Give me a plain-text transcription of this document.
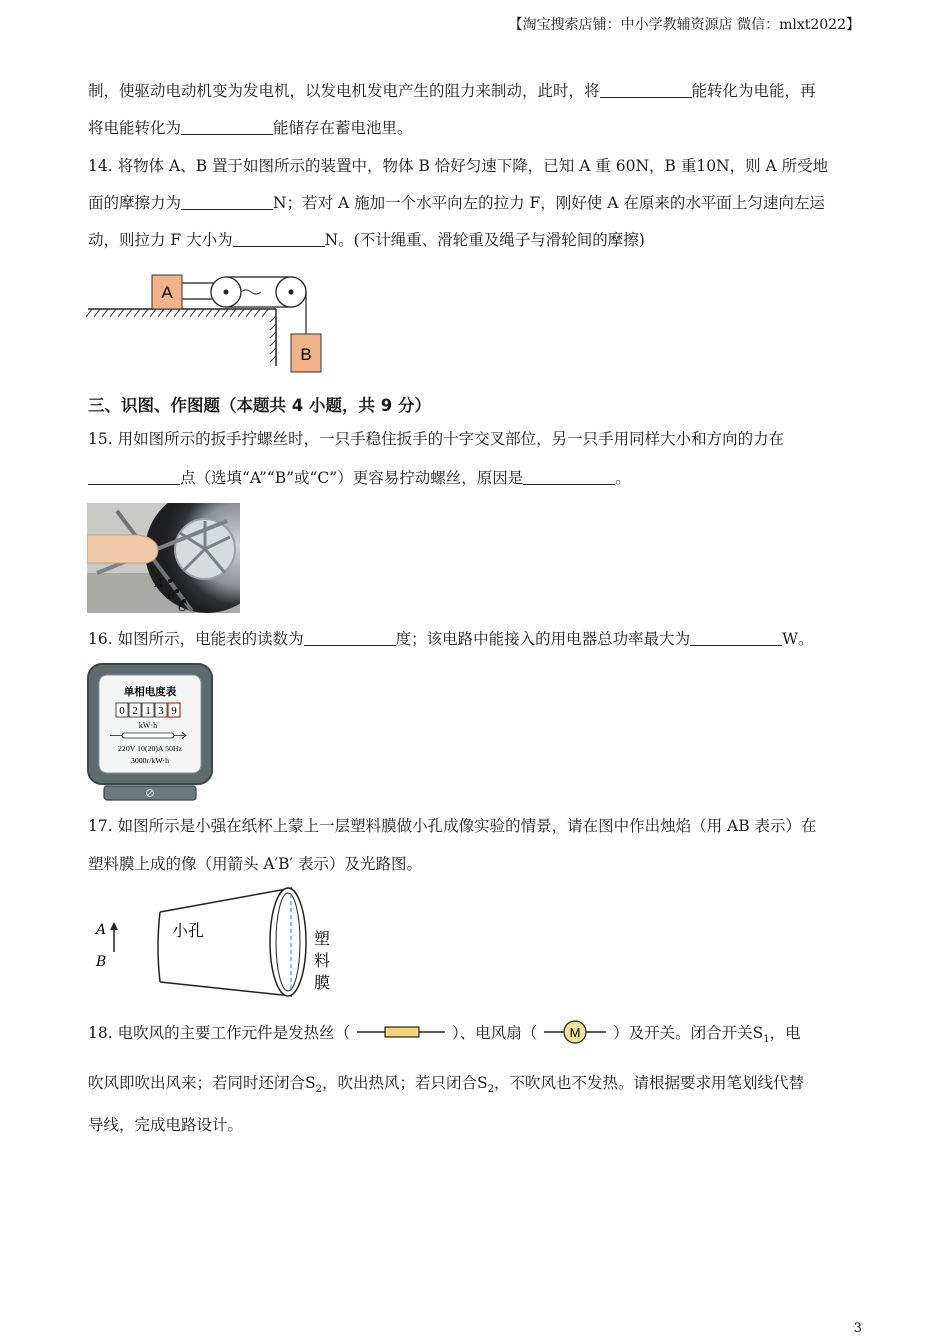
【淘宝搜索店铺：中小学教辅资源店 微信：mlxt2022】
制，使驱动电动机变为发电机，以发电机发电产生的阻力来制动，此时，将	能转化为电能，再
将电能转化为	能储存在蓄电池里。
14. 将物体 A、B 置于如图所示的装置中，物体 B 恰好匀速下降，已知 A 重 60N，B 重10N，则 A 所受地
面的摩擦力为	N；若对 A 施加一个水平向左的拉力 F，刚好使 A 在原来的水平面上匀速向左运
动，则拉力 F 大小为	N。(不计绳重、滑轮重及绳子与滑轮间的摩擦)
A
B
三、识图、作图题（本题共 4 小题，共 9 分）
15. 用如图所示的扳手拧螺丝时，一只手稳住扳手的十字交叉部位，另一只手用同样大小和方向的力在
点（选填“A”“B”或“C”）更容易拧动螺丝，原因是	。
A
B
C
16. 如图所示，电能表的读数为	度；该电路中能接入的用电器总功率最大为	W。
单相电度表
0 2 1 3 9
kW·h
220V 10(20)A 50Hz
3000r/kW·h
17. 如图所示是小强在纸杯上蒙上一层塑料膜做小孔成像实验的情景，请在图中作出烛焰（用 AB 表示）在
塑料膜上成的像（用箭头 A′B′ 表示）及光路图。
A
B
小孔	塑
料
膜
18. 电吹风的主要工作元件是发热丝（	）、电风扇（	M ）及开关。闭合开关$S_1$，电
吹风即吹出风来；若同时还闭合$S_2$，吹出热风；若只闭合$S_2$，不吹风也不发热。请根据要求用笔划线代替
导线，完成电路设计。
3
